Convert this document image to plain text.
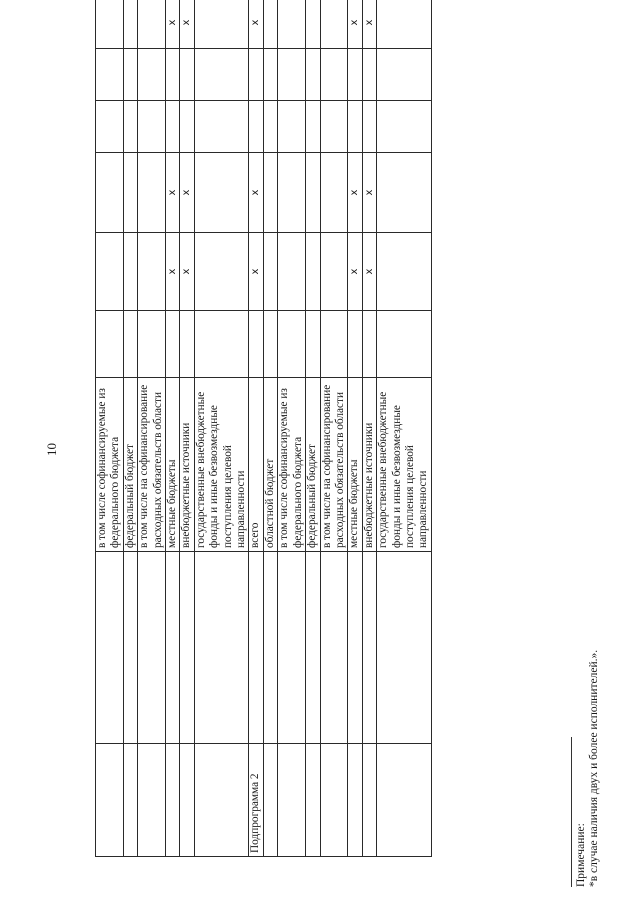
10
			в том числе софинансируемые из федерального бюджета								
		федеральный бюджет								
		в том числе на софинансирование расходных обязательств области								
		местные бюджеты		х	х			х		
		внебюджетные источники		х	х			х		
		государственные внебюджетные фонды и иные безвозмездные поступления целевой направленности								
Подпрограмма 2		всего		х	х			х		
		областной бюджет								
		в том числе софинансируемые из федерального бюджета								
		федеральный бюджет								
		в том числе на софинансирование расходных обязательств области								
		местные бюджеты		х	х			х		
		внебюджетные источники		х	х			х		
		государственные внебюджетные фонды и иные безвозмездные поступления целевой направленности								
Примечание: *в случае наличия двух и более исполнителей.».
